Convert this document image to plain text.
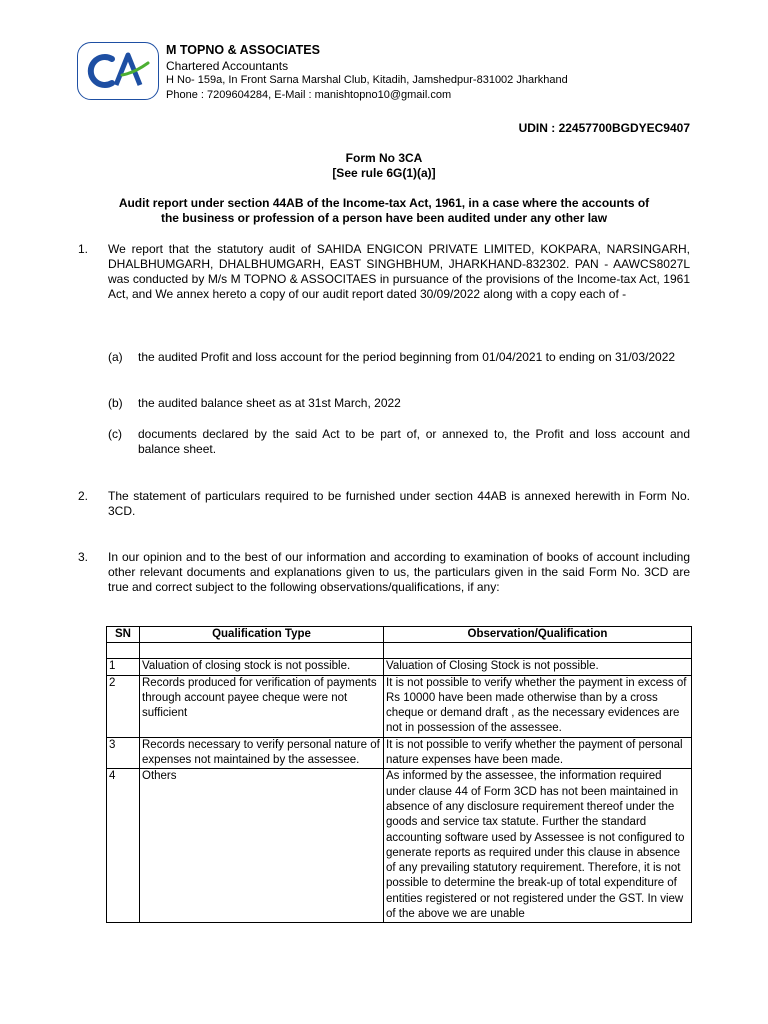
M TOPNO & ASSOCIATES
Chartered Accountants
H No- 159a, In Front Sarna Marshal Club, Kitadih, Jamshedpur-831002 Jharkhand
Phone : 7209604284, E-Mail : manishtopno10@gmail.com
UDIN : 22457700BGDYEC9407
Form No 3CA
[See rule 6G(1)(a)]
Audit report under section 44AB of the Income-tax Act, 1961, in a case where the accounts of
the business or profession of a person have been audited under any other law
1. We report that the statutory audit of SAHIDA ENGICON PRIVATE LIMITED, KOKPARA, NARSINGARH, DHALBHUMGARH, DHALBHUMGARH, EAST SINGHBHUM, JHARKHAND-832302. PAN - AAWCS8027L was conducted by M/s M TOPNO & ASSOCITAES in pursuance of the provisions of the Income-tax Act, 1961 Act, and We annex hereto a copy of our audit report dated 30/09/2022 along with a copy each of -
(a) the audited Profit and loss account for the period beginning from 01/04/2021 to ending on 31/03/2022
(b) the audited balance sheet as at 31st March, 2022
(c) documents declared by the said Act to be part of, or annexed to, the Profit and loss account and balance sheet.
2. The statement of particulars required to be furnished under section 44AB is annexed herewith in Form No. 3CD.
3. In our opinion and to the best of our information and according to examination of books of account including other relevant documents and explanations given to us, the particulars given in the said Form No. 3CD are true and correct subject to the following observations/qualifications, if any:
SN	Qualification Type	Observation/Qualification

1	Valuation of closing stock is not possible.	Valuation of Closing Stock is not possible.
2	Records produced for verification of payments through account payee cheque were not sufficient	It is not possible to verify whether the payment in excess of Rs 10000 have been made otherwise than by a cross cheque or demand draft , as the necessary evidences are not in possession of the assessee.
3	Records necessary to verify personal nature of expenses not maintained by the assessee.	It is not possible to verify whether the payment of personal nature expenses have been made.
4	Others	As informed by the assessee, the information required under clause 44 of Form 3CD has not been maintained in absence of any disclosure requirement thereof under the goods and service tax statute. Further the standard accounting software used by Assessee is not configured to generate reports as required under this clause in absence of any prevailing statutory requirement. Therefore, it is not possible to determine the break-up of total expenditure of entities registered or not registered under the GST. In view of the above we are unable
